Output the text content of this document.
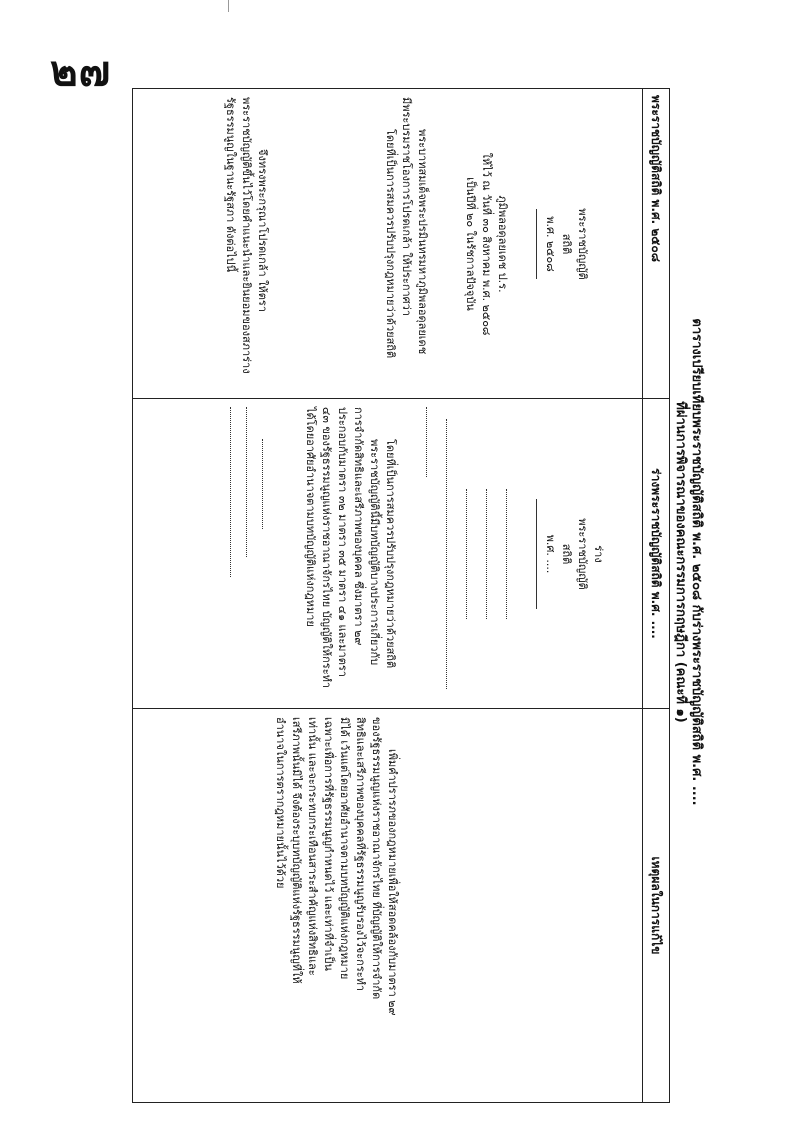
๒๗
ตารางเปรียบเทียบพระราชบัญญัติสถิติ พ.ศ. ๒๕๐๘ กับร่างพระราชบัญญัติสถิติ พ.ศ. ....
ที่ผ่านการพิจารณาของคณะกรรมการกฤษฎีกา (คณะที่ ๑)
พระราชบัญญัติสถิติ พ.ศ. ๒๕๐๘
พระราชบัญญัติ
สถิติ
พ.ศ. ๒๕๐๘
ภูมิพลอดุลยเดช ป.ร.
ให้ไว้ ณ วันที่ ๓๐ สิงหาคม พ.ศ. ๒๕๐๘
เป็นปีที่ ๒๐ ในรัชกาลปัจจุบัน
พระบาทสมเด็จพระปรมินทรมหาภูมิพลอดุลยเดช
มีพระบรมราชโองการโปรดเกล้า ให้ประกาศว่า
โดยที่เป็นการสมควรปรับปรุงกฎหมายว่าด้วยสถิติ
จึงทรงพระกรุณาโปรดเกล้า ให้ตรา
พระราชบัญญัติขึ้นไว้โดยคำแนะนำและยินยอมของสภาร่าง
รัฐธรรมนูญในฐานะรัฐสภา ดังต่อไปนี้
ร่างพระราชบัญญัติสถิติ พ.ศ. ....
ร่าง
พระราชบัญญัติ
สถิติ
พ.ศ. ....
โดยที่เป็นการสมควรปรับปรุงกฎหมายว่าด้วยสถิติ
พระราชบัญญัตินี้มีบทบัญญัติบางประการเกี่ยวกับ
การจำกัดสิทธิและเสรีภาพของบุคคล ซึ่งมาตรา ๒๙
ประกอบกับมาตรา ๓๒ มาตรา ๓๕ มาตรา ๔๑ และมาตรา
๔๓ ของรัฐธรรมนูญแห่งราชอาณาจักรไทย บัญญัติให้กระทำ
ได้โดยอาศัยอำนาจตามบทบัญญัติแห่งกฎหมาย
เหตุผลในการแก้ไข
เพิ่มคำปรารภของกฎหมายเพื่อให้สอดคล้องกับมาตรา ๒๙
ของรัฐธรรมนูญแห่งราชอาณาจักรไทย ที่บัญญัติให้การจำกัด
สิทธิและเสรีภาพของบุคคลที่รัฐธรรมนูญรับรองไว้จะกระทำ
มิได้ เว้นแต่โดยอาศัยอำนาจตามบทบัญญัติแห่งกฎหมาย
เฉพาะเพื่อการที่รัฐธรรมนูญกำหนดไว้ และเท่าที่จำเป็น
เท่านั้น และจะกระทบกระเทือนสาระสำคัญแห่งสิทธิและ
เสรีภาพนั้นมิได้ จึงต้องระบุบทบัญญัติแห่งรัฐธรรมนูญที่ให้
อำนาจในการตรากฎหมายนั้นไว้ด้วย
